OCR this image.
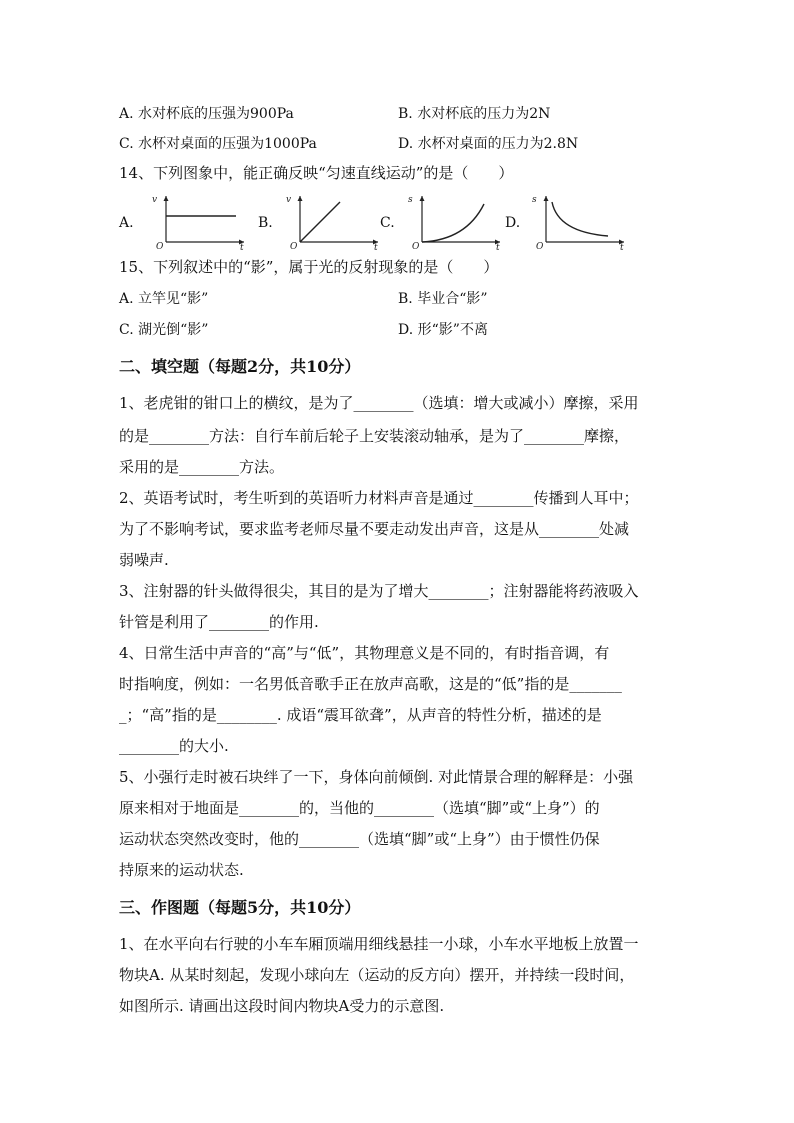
A. 水对杯底的压强为900Pa	B. 水对杯底的压力为2N
C. 水杯对桌面的压强为1000Pa	D. 水杯对桌面的压力为2.8N
14、下列图象中，能正确反映“匀速直线运动”的是（　　）
A.
v
t
O
B.
v
t
O
C.
s
t
O
D.
s
t
O
15、下列叙述中的“影”，属于光的反射现象的是（　　）
A. 立竿见“影”	B. 毕业合“影”
C. 湖光倒“影”	D. 形“影”不离
二、填空题（每题2分，共10分）
1、老虎钳的钳口上的横纹，是为了________（选填：增大或减小）摩擦，采用
的是________方法：自行车前后轮子上安装滚动轴承，是为了________摩擦，
采用的是________方法。
2、英语考试时，考生听到的英语听力材料声音是通过________传播到人耳中；
为了不影响考试，要求监考老师尽量不要走动发出声音，这是从________处减
弱噪声.
3、注射器的针头做得很尖，其目的是为了增大________；注射器能将药液吸入
针管是利用了________的作用.
4、日常生活中声音的“高”与“低”，其物理意义是不同的，有时指音调，有
时指响度，例如：一名男低音歌手正在放声高歌，这是的“低”指的是_______
_；“高”指的是________. 成语“震耳欲聋”，从声音的特性分析，描述的是
________的大小.
5、小强行走时被石块绊了一下，身体向前倾倒. 对此情景合理的解释是：小强
原来相对于地面是________的，当他的________（选填“脚”或“上身”）的
运动状态突然改变时，他的________（选填“脚”或“上身”）由于惯性仍保
持原来的运动状态.
三、作图题（每题5分，共10分）
1、在水平向右行驶的小车车厢顶端用细线悬挂一小球，小车水平地板上放置一
物块A. 从某时刻起，发现小球向左（运动的反方向）摆开，并持续一段时间，
如图所示. 请画出这段时间内物块A受力的示意图.
